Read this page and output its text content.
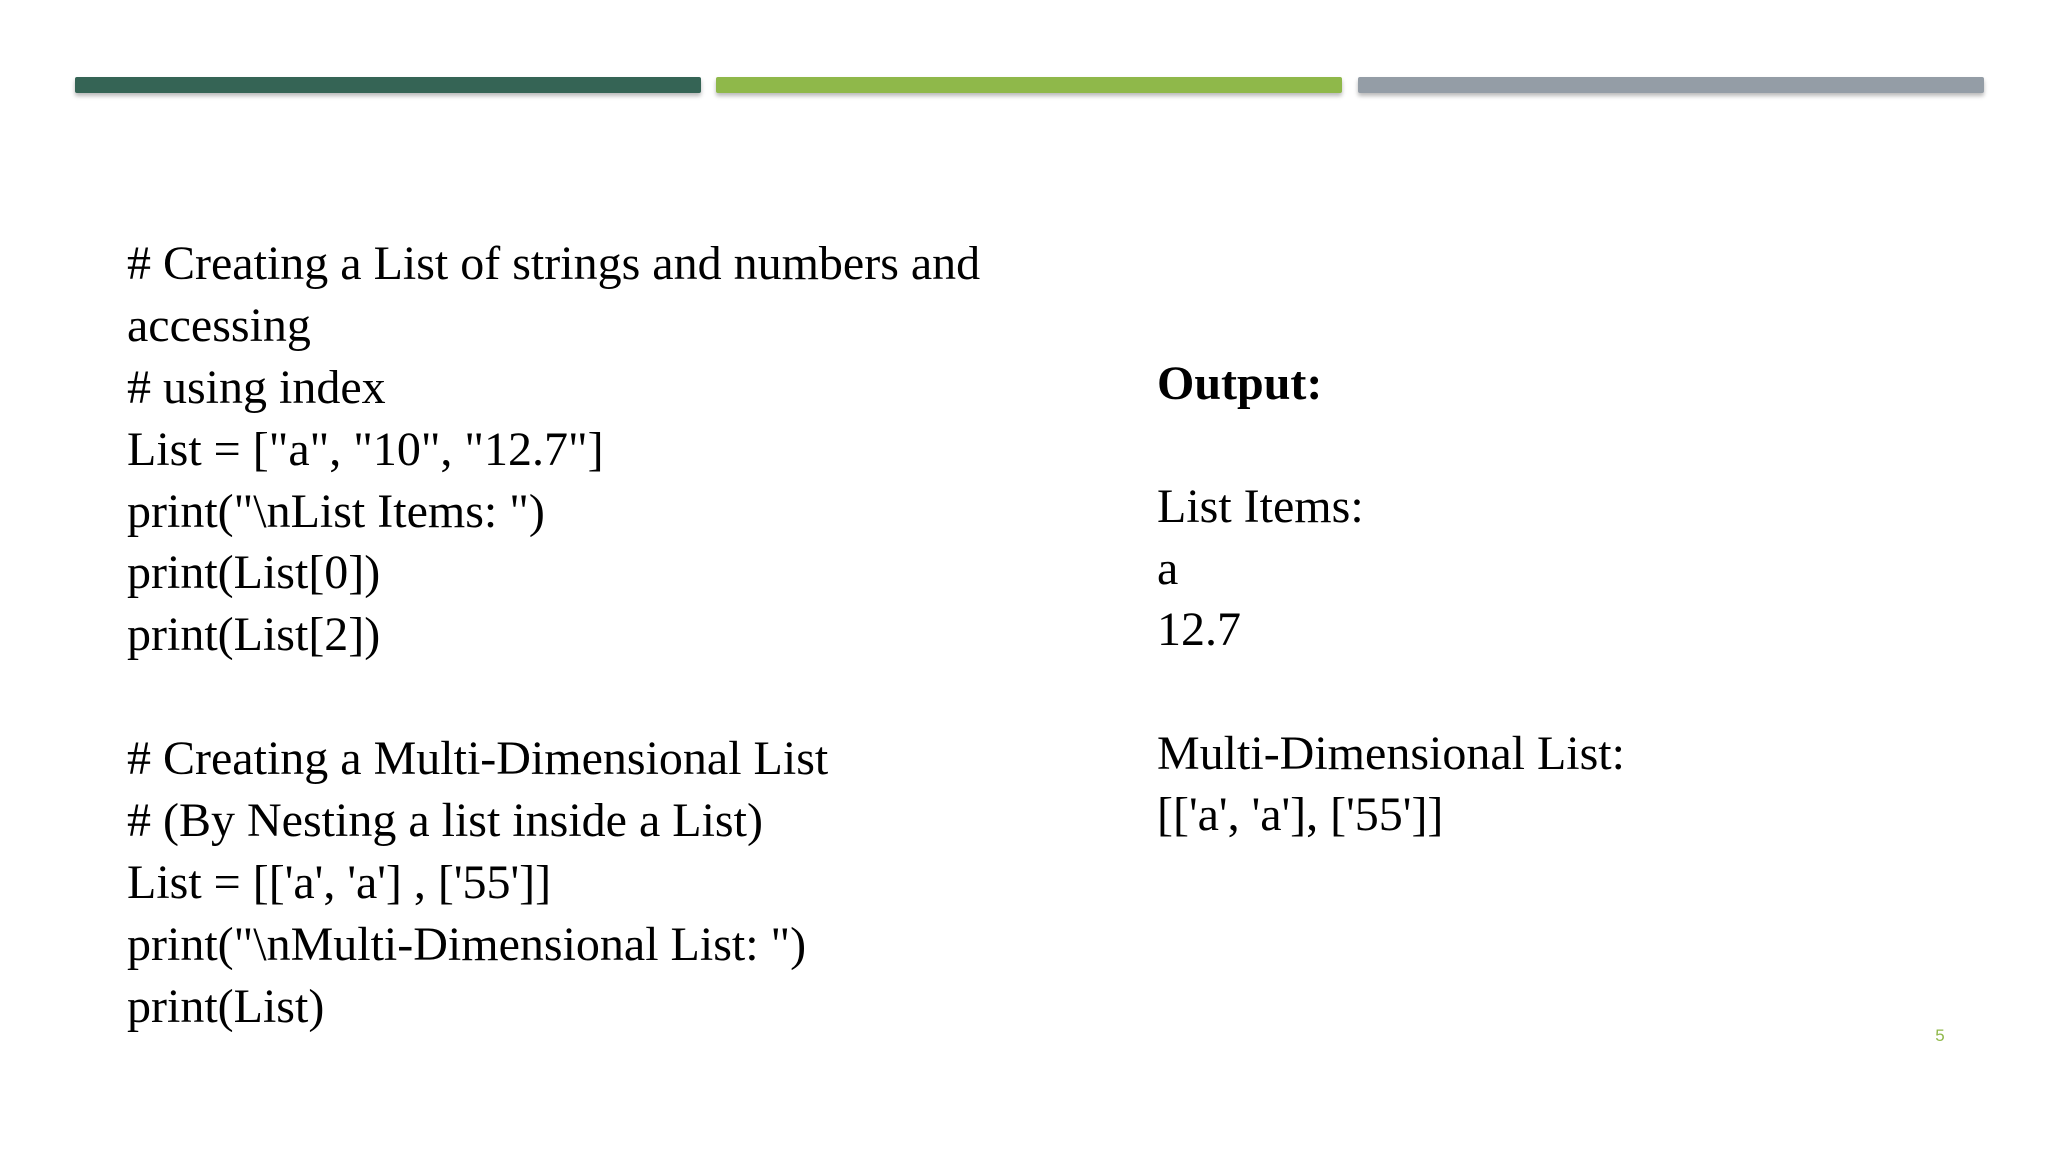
# Creating a List of strings and numbers and
accessing
# using index
List = ["a", "10", "12.7"]
print("\nList Items: ")
print(List[0])
print(List[2])
# Creating a Multi-Dimensional List
# (By Nesting a list inside a List)
List = [['a', 'a'] , ['55']]
print("\nMulti-Dimensional List: ")
print(List)
Output:
List Items:
a
12.7
Multi-Dimensional List:
[['a', 'a'], ['55']]
5
